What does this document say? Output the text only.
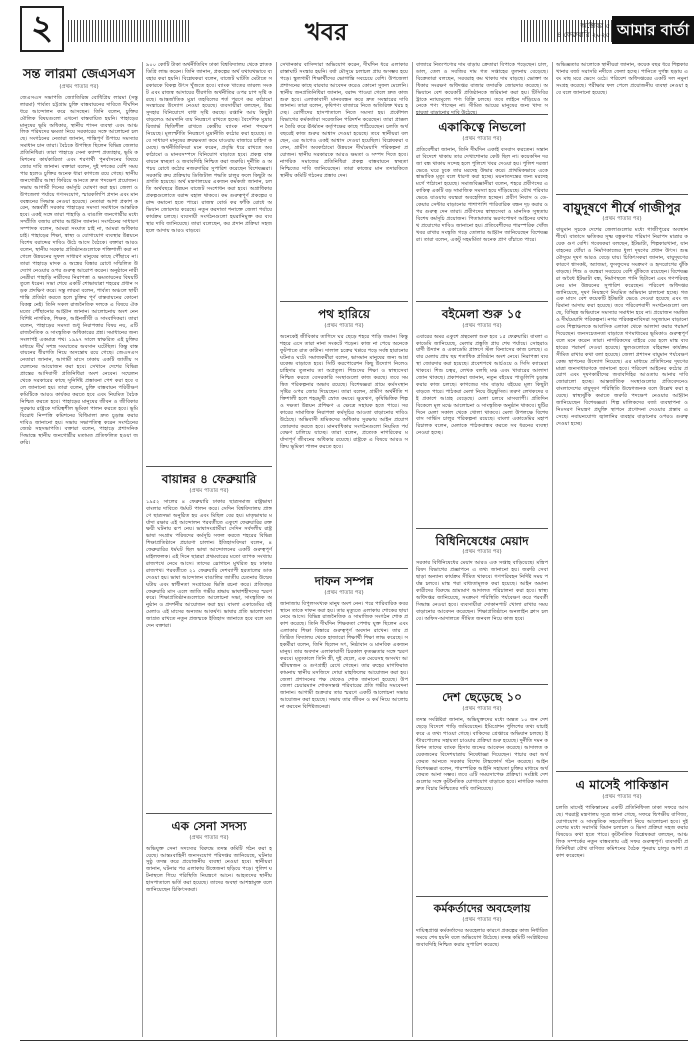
২	খবর	অক্টোবর ৫
৪ ফেব্রুয়ারি ২০২৫ আমার বার্তা
সন্ত লারমা জেএসএস
(প্রথম পাতার পর)

জেএসএস সভাপতি জ্যোতিরিন্দ্র বোধিপ্রিয় লারমা (সন্তু লারমা) পার্বত্য চট্টগ্রাম চুক্তি বাস্তবায়নের দাবিতে দীর্ঘদিন ধরে আন্দোলন করে আসছেন। তিনি বলেন, চুক্তির মৌলিক বিষয়গুলো এখনো বাস্তবায়িত হয়নি। পাহাড়ের মানুষের ভূমি অধিকার, স্থানীয় শাসন ব্যবস্থা এবং আঞ্চলিক পরিষদের ক্ষমতা নিয়ে সরকারের সঙ্গে আলোচনা চলছে। সংগঠনের নেতারা জানান, শান্তিপূর্ণ উপায়ে সমস্যার সমাধান চান তারা। বৈঠকে উপস্থিত ছিলেন বিভিন্ন জেলার প্রতিনিধিরা। তারা পাহাড়ে সেনা ক্যাম্প প্রত্যাহার, ভূমি কমিশনের কার্যকারিতা এবং শরণার্থী পুনর্বাসনের বিষয়ে জোর দাবি জানান। বক্তারা বলেন, দুই দশকের বেশি সময় পার হলেও চুক্তির অনেক ধারা কাগজে রয়ে গেছে। স্থানীয় জনগোষ্ঠীর আস্থা ফিরিয়ে আনতে দ্রুত পদক্ষেপ প্রয়োজন। সভায় আগামী দিনের কর্মসূচি ঘোষণা করা হয়। জেলা ও উপজেলা পর্যায়ে গণসংযোগ, স্মারকলিপি প্রদান এবং মানববন্ধনের সিদ্ধান্ত নেওয়া হয়েছে। নেতারা আশা প্রকাশ করেন, অন্তর্বর্তী সরকার পাহাড়ের সমস্যা সমাধানে আন্তরিক হবে। একই সঙ্গে তারা পাহাড়ি ও বাঙালি জনগোষ্ঠীর মধ্যে সম্প্রীতি বজায় রাখার আহ্বান জানান। সংগঠনের সাধারণ সম্পাদক বলেন, আমরা সংঘাত চাই না, আমরা অধিকার চাই। পাহাড়ের শিক্ষা, স্বাস্থ্য ও যোগাযোগ ব্যবস্থার উন্নয়নে বিশেষ বরাদ্দের দাবিও উঠে আসে বৈঠকে। বক্তারা আরও বলেন, স্থানীয় সরকার প্রতিষ্ঠানগুলোকে শক্তিশালী করা না গেলে উন্নয়নের সুফল সাধারণ মানুষের কাছে পৌঁছাবে না। তারা পাহাড়ে মাদক ও অস্ত্রের বিস্তার রোধে সম্মিলিত উদ্যোগ নেওয়ার ওপর গুরুত্ব আরোপ করেন। অনুষ্ঠানে নারী নেত্রীরা পাহাড়ি নারীদের নিরাপত্তা ও ক্ষমতায়নের বিষয়টি তুলে ধরেন। সভা শেষে একটি শোভাযাত্রা শহরের প্রধান সড়ক প্রদক্ষিণ করে। সন্তু লারমা বলেন, পার্বত্য অঞ্চলে স্থায়ী শান্তি প্রতিষ্ঠা করতে হলে চুক্তির পূর্ণ বাস্তবায়নের কোনো বিকল্প নেই। তিনি সকল রাজনৈতিক দলকে এ বিষয়ে ঐকমত্যে পৌঁছানোর আহ্বান জানান। আলোচনায় অংশ নেন বিশিষ্ট নাগরিক, শিক্ষক, আইনজীবী ও সাংবাদিকরা। তারা বলেন, পাহাড়ের সমস্যা শুধু নিরাপত্তার বিষয় নয়, এটি রাজনৈতিক ও সাংস্কৃতিক অধিকারের প্রশ্ন। সমাধানের জন্য সংলাপই একমাত্র পথ। ১৯৯৭ সালে স্বাক্ষরিত এই চুক্তির মাধ্যমে দীর্ঘ সশস্ত্র সংঘাতের অবসান ঘটেছিল। কিন্তু বাস্তবায়নের ধীরগতি নিয়ে অসন্তোষ রয়ে গেছে। জেএসএস নেতারা জানান, আগামী মাসে ঢাকায় একটি জাতীয় সম্মেলনের আয়োজন করা হবে। সেখানে দেশের বিভিন্ন প্রান্তের আদিবাসী প্রতিনিধিরা অংশ নেবেন। সম্মেলন থেকে সরকারের কাছে সুনির্দিষ্ট প্রস্তাবনা পেশ করা হবে বলে জানানো হয়। তারা বলেন, চুক্তি বাস্তবায়ন পরিবীক্ষণ কমিটিকে আরও কার্যকর করতে হবে এবং নিয়মিত বৈঠক নিশ্চিত করতে হবে। পাহাড়ের মানুষের জীবন ও জীবিকার সুরক্ষায় রাষ্ট্রকে দায়িত্বশীল ভূমিকা পালন করতে হবে। ভূমি বিরোধ নিষ্পত্তি কমিশনের বিধিমালা দ্রুত চূড়ান্ত করার দাবিও জানানো হয়। সভায় সভাপতিত্ব করেন সংগঠনের জ্যেষ্ঠ সহসভাপতি। বক্তারা বলেন, পাহাড়ে প্রশাসনিক সিদ্ধান্তে স্থানীয় জনগোষ্ঠীর মতামত প্রতিফলিত হওয়া জরুরি।

৯০০ কোটি টাকা অর্থনীতিবিদ ঢাকা বিশ্ববিদ্যালয় থেকে স্নাতক ডিগ্রি লাভ করেন। তিনি জানান, প্রকল্পের অর্থ যথাযথভাবে ব্যবহার করা হয়নি। বিশ্লেষকরা বলেন, বাজেট ঘাটতি মেটাতে সরকারকে বিকল্প উৎস খুঁজতে হবে। ব্যাংক খাতের তারল্য সংকট এবং রাজস্ব আদায়ের ধীরগতি অর্থনীতির ওপর চাপ সৃষ্টি করছে। আন্তর্জাতিক মুদ্রা তহবিলের শর্ত পূরণে কর কাঠামো সংস্কারের উদ্যোগ নেওয়া হয়েছে। ব্যবসায়ীরা বলছেন, উচ্চ সুদহার বিনিয়োগে বাধা সৃষ্টি করছে। রপ্তানি আয় কিছুটা বাড়লেও আমদানি ব্যয় নিয়ন্ত্রণে রাখতে হচ্ছে। বৈদেশিক মুদ্রার রিজার্ভ স্থিতিশীল রাখতে কেন্দ্রীয় ব্যাংক নানা পদক্ষেপ নিয়েছে। মূল্যস্ফীতি নিয়ন্ত্রণে মুদ্রানীতি কঠোর করা হয়েছে। তবে সাধারণ মানুষের ক্রয়ক্ষমতা কমে যাওয়ায় বাজারে চাহিদা কমেছে। অর্থনীতিবিদরা মনে করেন, প্রবৃদ্ধি ধরে রাখতে অবকাঠামো ও মানবসম্পদে বিনিয়োগ বাড়াতে হবে। প্রকল্প বাস্তবায়নে স্বচ্ছতা ও জবাবদিহি নিশ্চিত করা জরুরি। দুর্নীতি ও অপচয় রোধে কঠোর নজরদারির সুপারিশ করেছেন বিশেষজ্ঞরা। সরকারি ক্রয় প্রক্রিয়ায় ডিজিটাল পদ্ধতি চালুর ফলে কিছুটা অগ্রগতি হয়েছে। অর্থ মন্ত্রণালয়ের একজন কর্মকর্তা জানান, চলতি অর্থবছরে উন্নয়ন বাজেট সংশোধন করা হবে। অগ্রাধিকার প্রকল্পগুলোতে বরাদ্দ বহাল থাকবে। কম গুরুত্বপূর্ণ প্রকল্পের বরাদ্দ কমানো হতে পারে। রাজস্ব বোর্ড কর ফাঁকি রোধে অভিযান জোরদার করেছে। নতুন করদাতা শনাক্তে জেলা পর্যায়ে কার্যক্রম চলছে। ব্যবসায়ী সংগঠনগুলো হয়রানিমুক্ত কর ব্যবস্থার দাবি জানিয়েছে। তারা বলেছেন, কর প্রদান প্রক্রিয়া সহজ হলে আদায় আরও বাড়বে।

বায়ান্নর ৪ ফেব্রুয়ারি
(প্রথম পাতার পর)

১৯৫২ সালের ৪ ফেব্রুয়ারি ঢাকার ছাত্রসমাজ রাষ্ট্রভাষা বাংলার দাবিতে ধর্মঘট পালন করে। সেদিন বিশ্ববিদ্যালয় প্রাঙ্গণে ছাত্রসভা অনুষ্ঠিত হয় এবং মিছিল বের হয়। মাতৃভাষার মর্যাদা রক্ষার এই আন্দোলন পরবর্তীতে একুশে ফেব্রুয়ারির রক্তক্ষয়ী ঘটনায় রূপ নেয়। ভাষাসংগ্রামীরা সেদিন সর্বদলীয় রাষ্ট্রভাষা সংগ্রাম পরিষদের কর্মসূচি সফল করতে শহরের বিভিন্ন শিক্ষাপ্রতিষ্ঠানে প্রচারণা চালান। ইতিহাসবিদরা বলেন, ৪ ফেব্রুয়ারির ধর্মঘট ছিল ভাষা আন্দোলনের একটি গুরুত্বপূর্ণ মাইলফলক। এই দিনে ছাত্ররা প্রথমবারের মতো ব্যাপক সংখ্যায় রাজপথে নেমে আসে। তাদের স্লোগানে মুখরিত হয় ঢাকার রাজপথ। পরবর্তীতে ২১ ফেব্রুয়ারি দেশব্যাপী হরতালের ডাক দেওয়া হয়। ভাষা আন্দোলন বাঙালির জাতীয় চেতনার উন্মেষ ঘটায় এবং স্বাধীনতা সংগ্রামের ভিত্তি রচনা করে। প্রতিবছর ফেব্রুয়ারি মাস এলে জাতি গভীর শ্রদ্ধায় ভাষাশহীদদের স্মরণ করে। শিক্ষাপ্রতিষ্ঠানগুলোতে আলোচনা সভা, সাংস্কৃতিক অনুষ্ঠান ও প্রদর্শনীর আয়োজন করা হয়। বাংলা একাডেমির বইমেলাও এই মাসের অন্যতম আকর্ষণ। ভাষার প্রতি ভালোবাসা জাগ্রত রাখতে নতুন প্রজন্মকে ইতিহাস জানাতে হবে বলে মত দেন বক্তারা।

এক সেনা সদস্য
(প্রথম পাতার পর)

অভিযুক্ত সেনা সদস্যের বিরুদ্ধে তদন্ত কমিটি গঠন করা হয়েছে। আন্তঃবাহিনী জনসংযোগ পরিদপ্তর জানিয়েছে, ঘটনার সুষ্ঠু তদন্ত করে প্রয়োজনীয় ব্যবস্থা নেওয়া হবে। স্থানীয়রা জানান, ঘটনার পর এলাকায় উত্তেজনা ছড়িয়ে পড়ে। পুলিশ ঘটনাস্থলে গিয়ে পরিস্থিতি নিয়ন্ত্রণে আনে। আহতদের স্থানীয় হাসপাতালে ভর্তি করা হয়েছে। তাদের অবস্থা আশঙ্কামুক্ত বলে জানিয়েছেন চিকিৎসকরা।

সেখানকার বাসিন্দারা অভিযোগ করেন, দীর্ঘদিন ধরে এলাকার রাস্তাঘাট সংস্কার হয়নি। বর্ষা মৌসুমে চলাচল প্রায় অসম্ভব হয়ে পড়ে। স্কুলগামী শিক্ষার্থীদের ভোগান্তি সবচেয়ে বেশি। উপজেলা প্রশাসনের কাছে বারবার আবেদন করেও কোনো সুফল মেলেনি। স্থানীয় জনপ্রতিনিধিরা জানান, বরাদ্দ পাওয়া গেলে দ্রুত কাজ শুরু হবে। এলাকাবাসী মানববন্ধন করে দ্রুত সংস্কারের দাবি জানান। তারা বলেন, কৃষিপণ্য বাজারে নিতে অতিরিক্ত খরচ হচ্ছে। রোগীদের হাসপাতালে নিতে সমস্যা হয়। প্রকৌশল বিভাগের কর্মকর্তারা সরেজমিন পরিদর্শন করেছেন। তারা প্রাক্কলন তৈরি করে ঊর্ধ্বতন কর্তৃপক্ষের কাছে পাঠিয়েছেন। চলতি অর্থবছরেই কাজ শুরুর আশ্বাস দেওয়া হয়েছে। তবে স্থানীয়রা বলছেন, এর আগেও একই আশ্বাস দেওয়া হয়েছিল। বিশ্লেষকরা বলেন, গ্রামীণ অবকাঠামো উন্নয়নে দীর্ঘমেয়াদি পরিকল্পনা প্রয়োজন। স্থানীয় সরকারকে আরও ক্ষমতা ও সম্পদ দিতে হবে। নাগরিক সমাজের প্রতিনিধিরা প্রকল্প বাস্তবায়নে স্বচ্ছতা নিশ্চিতের দাবি জানিয়েছেন। তারা কাজের মান তদারকিতে স্থানীয় কমিটি গঠনের প্রস্তাব দেন।

পথ হারিয়ে
(প্রথম পাতার পর)

অনেকেই জীবিকার তাগিদে ঘর ছেড়ে শহরে পাড়ি জমান। কিন্তু শহরে এসে তারা নানা সংকটে পড়েন। কাজ না পেয়ে অনেকে ফুটপাতে রাত কাটান। দালাল চক্রের খপ্পরে পড়ে সর্বস্ব হারানোর ঘটনাও ঘটে। সমাজকর্মীরা বলেন, ভাসমান মানুষের জন্য আশ্রয়কেন্দ্র বাড়াতে হবে। সিটি করপোরেশন কিছু উদ্যোগ নিলেও চাহিদার তুলনায় তা অপ্রতুল। শিশুদের শিক্ষা ও স্বাস্থ্যসেবা নিশ্চিত করতে বেসরকারি সংস্থাগুলো কাজ করছে। তবে সমন্বিত পরিকল্পনার অভাব রয়েছে। বিশেষজ্ঞরা গ্রামে কর্মসংস্থান সৃষ্টির ওপর জোর দিয়েছেন। তারা বলেন, গ্রামীণ অর্থনীতি শক্তিশালী হলে শহরমুখী স্রোত কমবে। ক্ষুদ্রঋণ, কৃষিভিত্তিক শিল্প ও দক্ষতা উন্নয়ন প্রশিক্ষণ এ ক্ষেত্রে সহায়ক হতে পারে। সরকারের সামাজিক নিরাপত্তা কর্মসূচির আওতা বাড়ানোর দাবিও উঠেছে। অভিবাসী শ্রমিকদের অধিকার সুরক্ষায় আইন প্রয়োগ জোরদার করতে হবে। মানবাধিকার সংগঠনগুলো নিয়মিত পর্যবেক্ষণ চালিয়ে যাচ্ছে। তারা বলেন, প্রত্যেক নাগরিকের মর্যাদাপূর্ণ জীবনের অধিকার রয়েছে। রাষ্ট্রকে এ বিষয়ে আরও সক্রিয় ভূমিকা পালন করতে হবে।

দাফন সম্পন্ন
(প্রথম পাতার পর)

জানাজায় বিপুলসংখ্যক মানুষ অংশ নেন। পরে পারিবারিক কবরস্থানে তাকে দাফন করা হয়। তার মৃত্যুতে এলাকায় শোকের ছায়া নেমে আসে। বিভিন্ন রাজনৈতিক ও সামাজিক সংগঠন শোক প্রকাশ করেছে। তিনি দীর্ঘদিন শিক্ষকতা পেশায় যুক্ত ছিলেন এবং এলাকার শিক্ষা বিস্তারে গুরুত্বপূর্ণ অবদান রাখেন। তার প্রতিষ্ঠিত বিদ্যালয় থেকে হাজারো শিক্ষার্থী শিক্ষা লাভ করেছে। সহকর্মীরা বলেন, তিনি ছিলেন সৎ, নিষ্ঠাবান ও মানবিক একজন মানুষ। তার অবদান এলাকাবাসী চিরকাল কৃতজ্ঞতার সঙ্গে স্মরণ করবে। মৃত্যুকালে তিনি স্ত্রী, দুই ছেলে, এক মেয়েসহ অসংখ্য আত্মীয়স্বজন ও গুণগ্রাহী রেখে গেছেন। তার রুহের মাগফিরাত কামনায় স্থানীয় মসজিদে দোয়া মাহফিলের আয়োজন করা হয়। জেলা প্রশাসনের পক্ষ থেকেও শোক জানানো হয়েছে। উপজেলা চেয়ারম্যান শোকসন্তপ্ত পরিবারের প্রতি গভীর সমবেদনা জানান। আগামী শুক্রবার তার স্মরণে একটি আলোচনা সভার আয়োজন করা হয়েছে। সভায় তার জীবন ও কর্ম নিয়ে আলোচনা করবেন বিশিষ্টজনেরা।

বাজারে নিত্যপণ্যের দাম বাড়ায় ক্রেতারা বিপাকে পড়েছেন। চাল, ডাল, তেল ও সবজির দাম গত সপ্তাহের তুলনায় বেড়েছে। বিক্রেতারা বলছেন, সরবরাহ কম থাকায় দাম বাড়ছে। ভোক্তা অধিকার সংরক্ষণ অধিদপ্তর বাজার তদারকি জোরদার করেছে। অভিযানে বেশ কয়েকটি প্রতিষ্ঠানকে জরিমানা করা হয়। টিসিবির ট্রাকে ন্যায্যমূল্যে পণ্য বিক্রি চলছে। তবে লাইনে দাঁড়িয়েও অনেকে পণ্য পাচ্ছেন না। সীমিত আয়ের মানুষের জন্য খাদ্য সহায়তা বাড়ানোর দাবি উঠেছে।

একাকিত্বে নিভলো
(প্রথম পাতার পর)

প্রতিবেশীরা জানান, তিনি দীর্ঘদিন একাই বসবাস করতেন। সন্তানরা বিদেশে থাকায় তার দেখাশোনার কেউ ছিল না। কয়েকদিন দরজা বন্ধ থাকায় সন্দেহ হলে পুলিশে খবর দেওয়া হয়। পুলিশ দরজা ভেঙে ঘরে ঢুকে তার মরদেহ উদ্ধার করে। প্রাথমিকভাবে একে স্বাভাবিক মৃত্যু বলে ধারণা করা হচ্ছে। ময়নাতদন্তের জন্য মরদেহ মর্গে পাঠানো হয়েছে। সমাজবিজ্ঞানীরা বলেন, শহরে প্রবীণদের একাকিত্ব একটি বড় সামাজিক সমস্যা হয়ে দাঁড়িয়েছে। যৌথ পরিবার ভেঙে যাওয়ায় বয়স্করা অবহেলিত হচ্ছেন। প্রবীণ নিবাস ও ডে-কেয়ার সেন্টার বাড়ানোর পাশাপাশি পারিবারিক বন্ধন দৃঢ় করার ওপর গুরুত্ব দেন তারা। প্রবীণদের স্বাস্থ্যসেবা ও মানসিক সুস্থতায় বিশেষ কর্মসূচি প্রয়োজন। পিতামাতার ভরণপোষণ আইনের যথাযথ প্রয়োগের দাবিও জানানো হয়। প্রতিবেশীদের পারস্পরিক খোঁজখবর রাখার সংস্কৃতি গড়ে তোলার আহ্বান জানিয়েছেন বিশেষজ্ঞরা। তারা বলেন, একটু সহমর্মিতা অনেক প্রাণ বাঁচাতে পারে।

বইমেলা শুরু ১৫
(প্রথম পাতার পর)

এবারের অমর একুশে গ্রন্থমেলা শুরু হবে ১৫ ফেব্রুয়ারি। বাংলা একাডেমি জানিয়েছে, মেলার প্রস্তুতি প্রায় শেষ পর্যায়ে। সোহরাওয়ার্দী উদ্যান ও একাডেমি প্রাঙ্গণে স্টল বিন্যাসের কাজ চলছে। এবার মেলায় প্রায় ছয় শতাধিক প্রতিষ্ঠান অংশ নেবে। নিরাপত্তা ব্যবস্থা জোরদার করা হয়েছে। প্রবেশপথে আর্চওয়ে ও সিসি ক্যামেরা থাকবে। শিশু চত্বর, লেখক বলছি মঞ্চ এবং খাবারের আলাদা জোন থাকছে। প্রকাশকরা জানান, নতুন বইয়ের পাণ্ডুলিপি চূড়ান্ত করার কাজ চলছে। কাগজের দাম বাড়ায় বইয়ের মূল্য কিছুটা বাড়তে পারে। পাঠকরা মেলা নিয়ে উচ্ছ্বসিত। তরুণ লেখকদের বই প্রকাশে আগ্রহ বেড়েছে। মেলা চলবে মাসব্যাপী। প্রতিদিন বিকেলে মূল মঞ্চে আলোচনা ও সাংস্কৃতিক অনুষ্ঠান থাকবে। ছুটির দিনে মেলা সকাল থেকে খোলা থাকবে। মেলা উপলক্ষে বিশেষ বাস সার্ভিস চালুর পরিকল্পনা রয়েছে। বাংলা একাডেমির মহাপরিচালক বলেন, মেলাকে পাঠকবান্ধব করতে সব ধরনের ব্যবস্থা নেওয়া হচ্ছে।

বিধিনিষেধের মেয়াদ
(প্রথম পাতার পর)

সরকার বিধিনিষেধের মেয়াদ আরও এক সপ্তাহ বাড়িয়েছে। মন্ত্রিপরিষদ বিভাগের প্রজ্ঞাপনে এ তথ্য জানানো হয়। জরুরি সেবা ছাড়া অন্যান্য কার্যক্রম সীমিত থাকবে। গণপরিবহন নির্দিষ্ট সময় পর্যন্ত চলবে। মাস্ক পরা বাধ্যতামূলক করা হয়েছে। আইন অমান্যকারীদের বিরুদ্ধে ভ্রাম্যমাণ আদালত পরিচালনা করা হবে। স্বাস্থ্য অধিদপ্তর জানিয়েছে, সংক্রমণ পরিস্থিতি পর্যবেক্ষণ করে পরবর্তী সিদ্ধান্ত নেওয়া হবে। ব্যবসায়ীরা দোকানপাট খোলা রাখার সময় বাড়ানোর আবেদন করেছেন। শিক্ষাপ্রতিষ্ঠানে অনলাইন ক্লাস চলবে। অফিস-আদালতে সীমিত জনবল নিয়ে কাজ হবে।

দেশ ছেড়েছে ১০
(প্রথম পাতার পর)

তদন্ত সংশ্লিষ্টরা জানান, অভিযুক্তদের মধ্যে অন্তত ১০ জন দেশ ছেড়ে বিদেশে পাড়ি জমিয়েছেন। ইমিগ্রেশন পুলিশের তথ্য যাচাই করে এ তথ্য পাওয়া গেছে। বাকিদের গ্রেপ্তারে অভিযান চলছে। ইন্টারপোলের সহায়তা চাওয়ার প্রক্রিয়া শুরু হয়েছে। দুর্নীতি দমন কমিশন তাদের ব্যাংক হিসাব জব্দের আবেদন করেছে। আদালত কয়েকজনের বিদেশযাত্রায় নিষেধাজ্ঞা দিয়েছেন। পাচার করা অর্থ ফেরত আনতে সরকার বিশেষ টাস্কফোর্স গঠন করেছে। আইন বিশেষজ্ঞরা বলেন, পারস্পরিক আইনি সহায়তা চুক্তির মাধ্যমে অর্থ ফেরত আনা সম্ভব। তবে এটি সময়সাপেক্ষ প্রক্রিয়া। সংশ্লিষ্ট দেশগুলোর সঙ্গে কূটনৈতিক যোগাযোগ বাড়াতে হবে। নাগরিক সমাজ দ্রুত বিচার নিশ্চিতের দাবি জানিয়েছে।

কর্মকর্তাদের অবহেলায়
(প্রথম পাতার পর)

দায়িত্বপ্রাপ্ত কর্মকর্তাদের অবহেলার কারণে প্রকল্পের কাজ নির্ধারিত সময়ে শেষ হয়নি বলে অভিযোগ উঠেছে। তদন্ত কমিটি সংশ্লিষ্টদের জবাবদিহি নিশ্চিত করার সুপারিশ করেছে।

অভিজ্ঞতার আলোকে স্থানীয়রা জানান, কয়েক বছর ধরে শিল্পকারখানার বর্জ্য সরাসরি নদীতে ফেলা হচ্ছে। পানিতে দুর্গন্ধ ছড়ায় এবং মাছ মরে ভেসে ওঠে। পরিবেশ অধিদপ্তরের একটি দল নমুনা সংগ্রহ করেছে। পরীক্ষার ফল পেলে প্রয়োজনীয় ব্যবস্থা নেওয়া হবে বলে জানানো হয়েছে।

বায়ুদূষণে শীর্ষে গাজীপুর
(প্রথম পাতার পর)

বায়ুমান সূচকে দেশের জেলাগুলোর মধ্যে গাজীপুরের অবস্থান শীর্ষে। বাতাসে ক্ষতিকর সূক্ষ্ম বস্তুকণার পরিমাণ নিরাপদ মাত্রার কয়েক গুণ বেশি। গবেষকরা বলছেন, ইটভাটা, শিল্পকারখানা, যানবাহনের ধোঁয়া ও নির্মাণকাজের ধুলা দূষণের প্রধান উৎস। শুষ্ক মৌসুমে দূষণ আরও বেড়ে যায়। চিকিৎসকরা জানান, বায়ুদূষণের কারণে শ্বাসকষ্ট, অ্যাজমা, ফুসফুসের সংক্রমণ ও হৃদরোগের ঝুঁকি বাড়ছে। শিশু ও বয়স্করা সবচেয়ে বেশি ঝুঁকিতে রয়েছেন। বিশেষজ্ঞরা অবৈধ ইটভাটা বন্ধ, নির্মাণস্থলে পানি ছিটানো এবং গণপরিবহনের মান উন্নয়নের সুপারিশ করেছেন। পরিবেশ অধিদপ্তর জানিয়েছে, দূষণ নিয়ন্ত্রণে নিয়মিত অভিযান চালানো হচ্ছে। গত এক মাসে বেশ কয়েকটি ইটভাটা ভেঙে দেওয়া হয়েছে এবং জরিমানা আদায় করা হয়েছে। তবে পরিবেশবাদী সংগঠনগুলো বলছে, বিচ্ছিন্ন অভিযানে সমস্যার সমাধান হবে না। প্রয়োজন সমন্বিত ও দীর্ঘমেয়াদি পরিকল্পনা। নগর পরিকল্পনাবিদরা সবুজায়ন বাড়ানো এবং শিল্পাঞ্চলকে আবাসিক এলাকা থেকে আলাদা করার পরামর্শ দিয়েছেন। জনসচেতনতা বাড়াতে গণমাধ্যমের ভূমিকাও গুরুত্বপূর্ণ বলে মনে করেন তারা। নাগরিকদের বাইরে বের হলে মাস্ক ব্যবহারের পরামর্শ দেওয়া হয়েছে। স্কুলগুলোতে বহিরঙ্গন কার্যক্রম সীমিত রাখার কথা বলা হয়েছে। জেলা প্রশাসন বায়ুমান পর্যবেক্ষণ কেন্দ্র স্থাপনের উদ্যোগ নিয়েছে। এর মাধ্যমে প্রতিদিনের দূষণের মাত্রা জনসাধারণকে জানানো হবে। পরিবেশ আইনের কঠোর প্রয়োগ এবং দূষণকারীদের জবাবদিহির আওতায় আনার দাবি জোরালো হচ্ছে। আন্তর্জাতিক সংস্থাগুলোর প্রতিবেদনেও বাংলাদেশের বায়ুদূষণ পরিস্থিতি উদ্বেগজনক বলে উল্লেখ করা হয়েছে। স্বাস্থ্যঝুঁকি কমাতে জরুরি পদক্ষেপ নেওয়ার আহ্বান জানিয়েছেন বিশেষজ্ঞরা। শিল্প মালিকদের বর্জ্য ব্যবস্থাপনা ও নিঃসরণ নিয়ন্ত্রণ প্রযুক্তি স্থাপনে প্রণোদনা দেওয়ার প্রস্তাব এসেছে। নবায়নযোগ্য জ্বালানির ব্যবহার বাড়ানোর ওপরও গুরুত্ব দেওয়া হচ্ছে।

এ মাসেই পাকিস্তান
(প্রথম পাতার পর)

চলতি মাসেই পাকিস্তানের একটি প্রতিনিধিদল ঢাকা সফরে আসছে। পররাষ্ট্র মন্ত্রণালয় সূত্রে জানা গেছে, সফরে দ্বিপক্ষীয় বাণিজ্য, যোগাযোগ ও সাংস্কৃতিক সহযোগিতা নিয়ে আলোচনা হবে। দুই দেশের মধ্যে সরাসরি বিমান চলাচল ও ভিসা প্রক্রিয়া সহজ করার বিষয়েও কথা হতে পারে। কূটনৈতিক বিশ্লেষকরা বলছেন, আঞ্চলিক সম্পর্কের নতুন বাস্তবতায় এই সফর গুরুত্বপূর্ণ। ব্যবসায়ী প্রতিনিধিরা যৌথ বাণিজ্য কমিশনের বৈঠক পুনরায় চালুর আশা প্রকাশ করেছেন।
